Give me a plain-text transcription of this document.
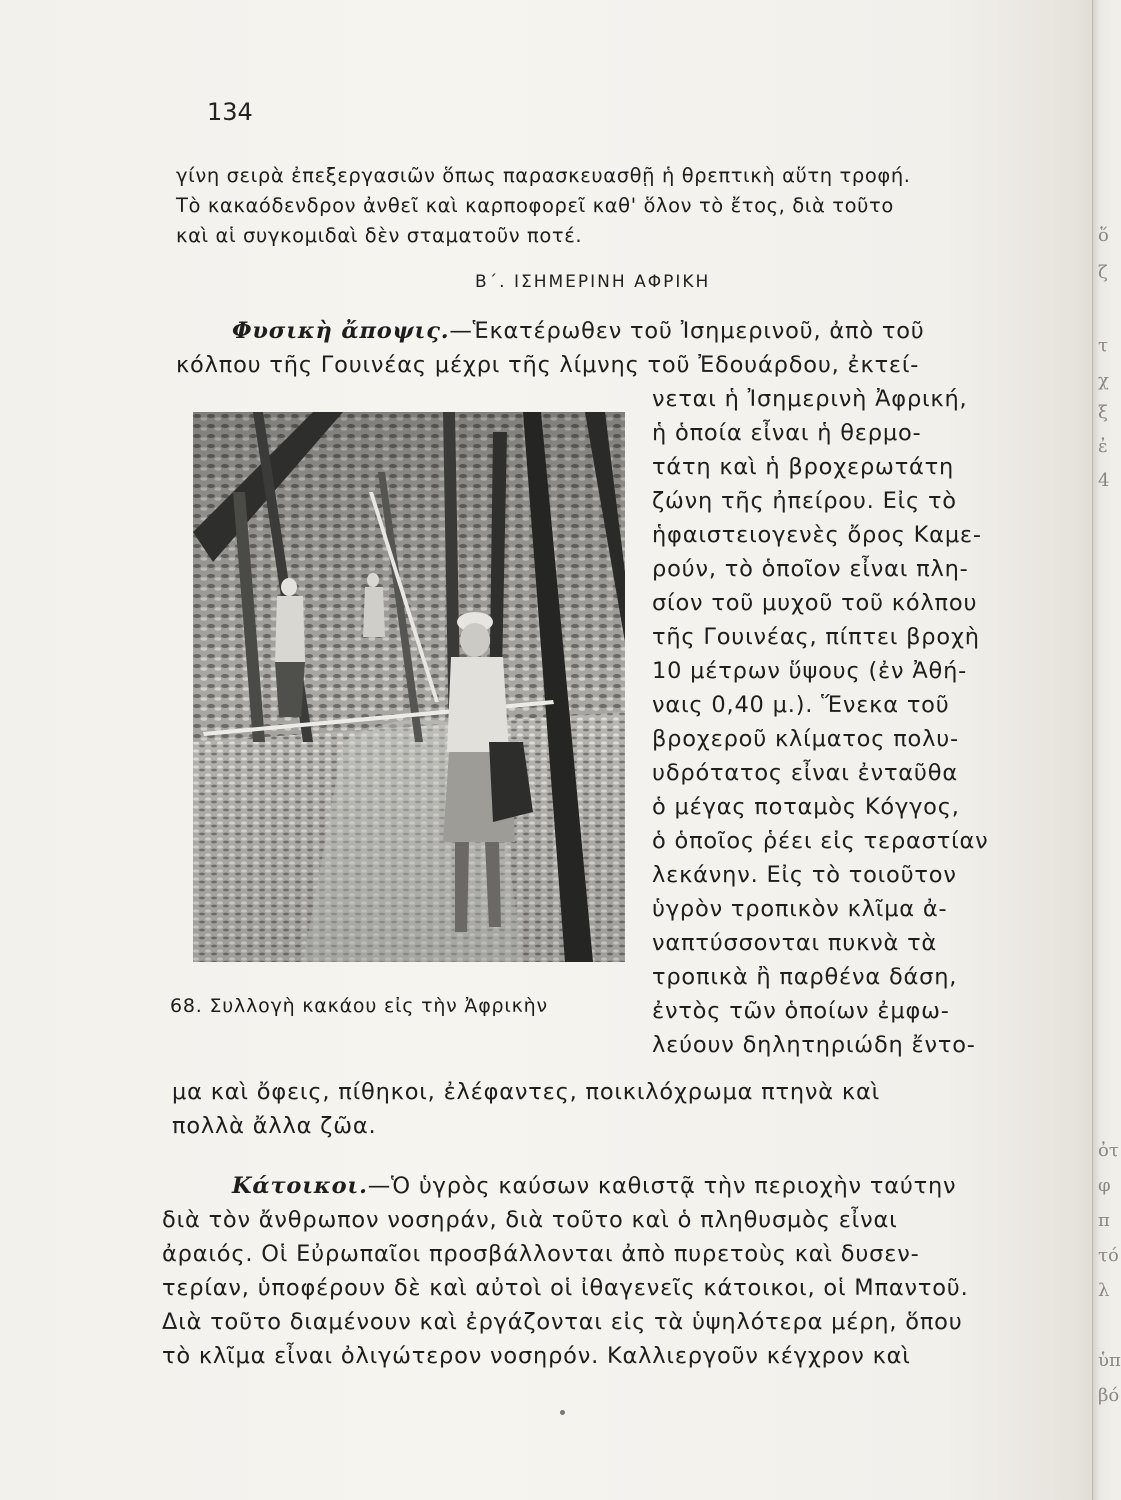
134
γίνη σειρὰ ἐπεξεργασιῶν ὅπως παρασκευασθῇ ἡ θρεπτικὴ αὕτη τροφή.
Τὸ κακαόδενδρον ἀνθεῖ καὶ καρποφορεῖ καθ' ὅλον τὸ ἔτος, διὰ τοῦτο
καὶ αἱ συγκομιδαὶ δὲν σταματοῦν ποτέ.
Β΄. ΙΣΗΜΕΡΙΝΗ ΑΦΡΙΚΗ
Φυσικὴ ἄποψις.—Ἑκατέρωθεν τοῦ Ἰσημερινοῦ, ἀπὸ τοῦ
κόλπου τῆς Γουινέας μέχρι τῆς λίμνης τοῦ Ἐδουάρδου, ἐκτεί-
νεται ἡ Ἰσημερινὴ Ἀφρική,
ἡ ὁποία εἶναι ἡ θερμο-
τάτη καὶ ἡ βροχερωτάτη
ζώνη τῆς ἠπείρου. Εἰς τὸ
ἡφαιστειογενὲς ὄρος Καμε-
ρούν, τὸ ὁποῖον εἶναι πλη-
σίον τοῦ μυχοῦ τοῦ κόλπου
τῆς Γουινέας, πίπτει βροχὴ
10 μέτρων ὕψους (ἐν Ἀθή-
ναις 0,40 μ.). Ἕνεκα τοῦ
βροχεροῦ κλίματος πολυ-
υδρότατος εἶναι ἐνταῦθα
ὁ μέγας ποταμὸς Κόγγος,
ὁ ὁποῖος ῥέει εἰς τεραστίαν
λεκάνην. Εἰς τὸ τοιοῦτον
ὑγρὸν τροπικὸν κλῖμα ἀ-
ναπτύσσονται πυκνὰ τὰ
τροπικὰ ἢ παρθένα δάση,
ἐντὸς τῶν ὁποίων ἐμφω-
λεύουν δηλητηριώδη ἔντο-
68. Συλλογὴ κακάου εἰς τὴν Ἀφρικὴν
μα καὶ ὄφεις, πίθηκοι, ἐλέφαντες, ποικιλόχρωμα πτηνὰ καὶ
πολλὰ ἄλλα ζῶα.
Κάτοικοι.—Ὁ ὑγρὸς καύσων καθιστᾷ τὴν περιοχὴν ταύτην
διὰ τὸν ἄνθρωπον νοσηράν, διὰ τοῦτο καὶ ὁ πληθυσμὸς εἶναι
ἀραιός. Οἱ Εὐρωπαῖοι προσβάλλονται ἀπὸ πυρετοὺς καὶ δυσεν-
τερίαν, ὑποφέρουν δὲ καὶ αὐτοὶ οἱ ἰθαγενεῖς κάτοικοι, οἱ Μπαντοῦ.
Διὰ τοῦτο διαμένουν καὶ ἐργάζονται εἰς τὰ ὑψηλότερα μέρη, ὅπου
τὸ κλῖμα εἶναι ὀλιγώτερον νοσηρόν. Καλλιεργοῦν κέγχρον καὶ
ὅ
ζ
τ
χ
ξ
ἐ
4
ὀτ
φ
π
τό
λ
ὑπ
βό
